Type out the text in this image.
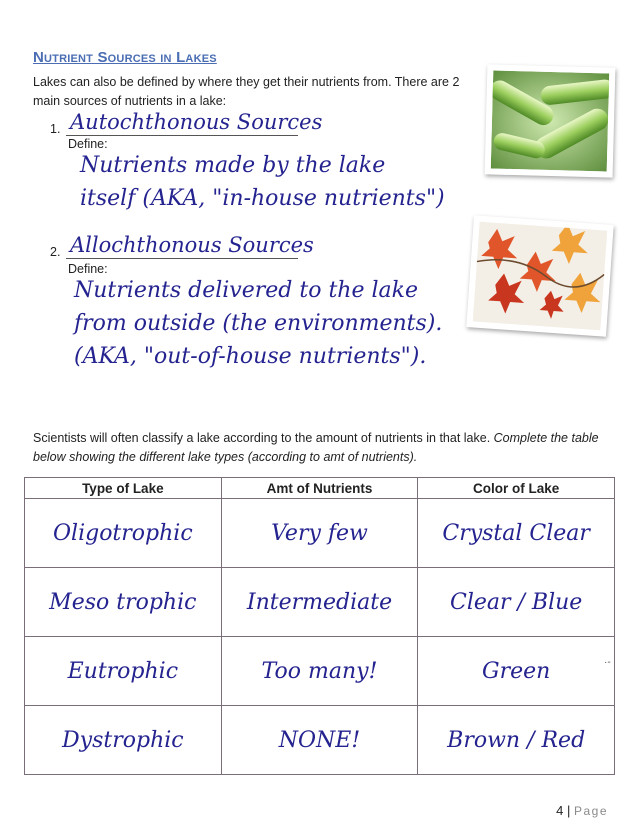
Nutrient Sources in Lakes
Lakes can also be defined by where they get their nutrients from. There are 2 main sources of nutrients in a lake:
1. Autochthonous Sources
Define:
Nutrients made by the lake
itself (AKA, "in-house nutrients")
2. Allochthonous Sources
Define:
Nutrients delivered to the lake
from outside (the environments).
(AKA, "out-of-house nutrients").
Scientists will often classify a lake according to the amount of nutrients in that lake. Complete the table below showing the different lake types (according to amt of nutrients).
Type of Lake	Amt of Nutrients	Color of Lake
Oligotrophic	Very few	Crystal Clear
Meso trophic	Intermediate	Clear / Blue
Eutrophic	Too many!	Green
Dystrophic	NONE!	Brown / Red
·-
4 | Page
